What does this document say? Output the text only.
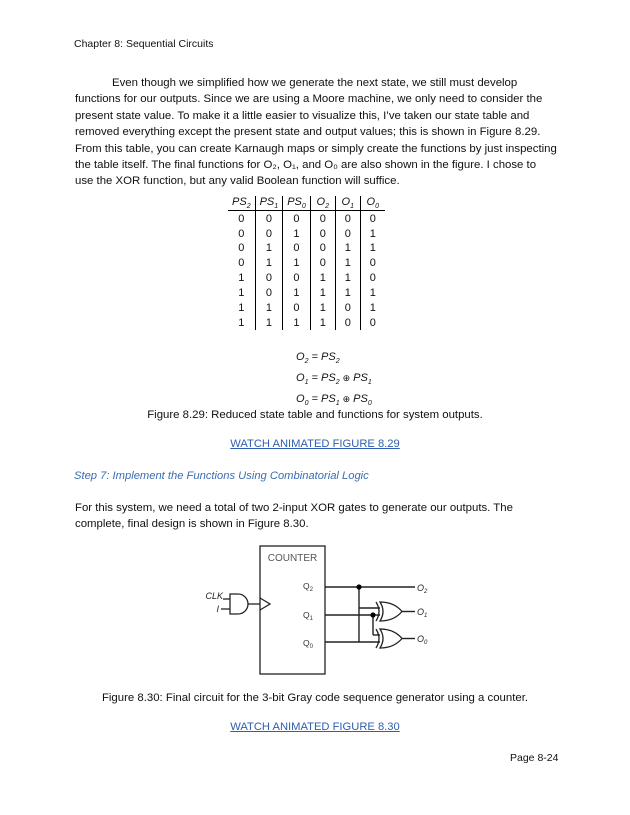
Chapter 8: Sequential Circuits
Even though we simplified how we generate the next state, we still must develop functions for our outputs. Since we are using a Moore machine, we only need to consider the present state value. To make it a little easier to visualize this, I’ve taken our state table and removed everything except the present state and output values; this is shown in Figure 8.29. From this table, you can create Karnaugh maps or simply create the functions by just inspecting the table itself. The final functions for O₂, O₁, and O₀ are also shown in the figure. I chose to use the XOR function, but any valid Boolean function will suffice.
$PS_2$	$PS_1$	$PS_0$	$O_2$	$O_1$	$O_0$
0	0	0	0	0	0
0	0	1	0	0	1
0	1	0	0	1	1
0	1	1	0	1	0
1	0	0	1	1	0
1	0	1	1	1	1
1	1	0	1	0	1
1	1	1	1	0	0
$O_2 = PS_2$
$O_1 = PS_2$ ⊕ $PS_1$
$O_0 = PS_1$ ⊕ $PS_0$
Figure 8.29: Reduced state table and functions for system outputs.
WATCH ANIMATED FIGURE 8.29
Step 7: Implement the Functions Using Combinatorial Logic
For this system, we need a total of two 2-input XOR gates to generate our outputs. The complete, final design is shown in Figure 8.30.
COUNTER
$Q_2$
$Q_1$
$Q_0$
CLK
I
$O_2$
$O_1$
$O_0$
Figure 8.30: Final circuit for the 3-bit Gray code sequence generator using a counter.
WATCH ANIMATED FIGURE 8.30
Page 8-24
